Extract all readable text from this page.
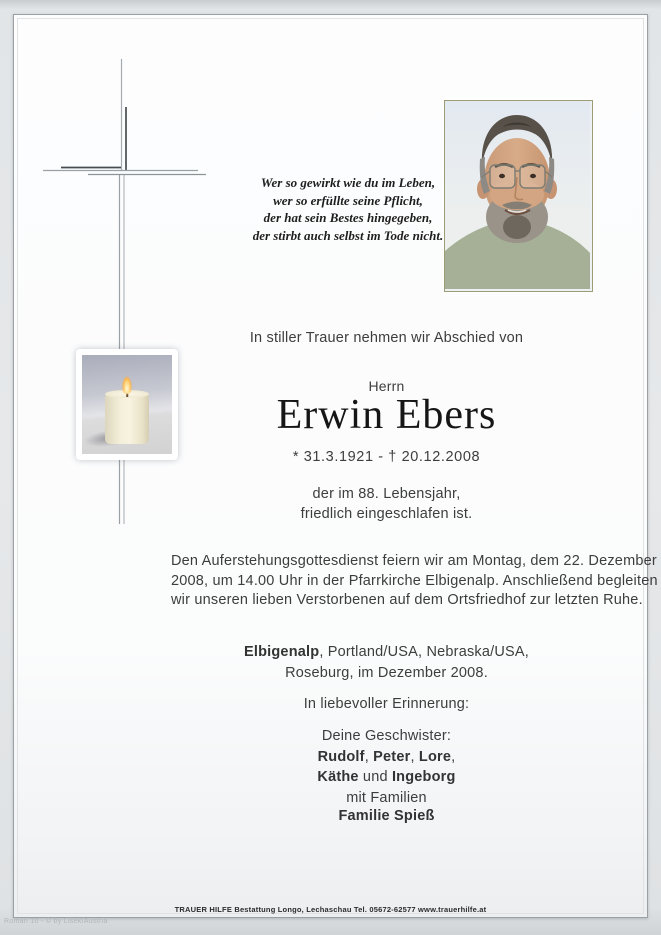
Wer so gewirkt wie du im Leben,
wer so erfüllte seine Pflicht,
der hat sein Bestes hingegeben,
der stirbt auch selbst im Tode nicht.
In stiller Trauer nehmen wir Abschied von
Herrn
Erwin Ebers
* 31.3.1921 - † 20.12.2008
der im 88. Lebensjahr,
friedlich eingeschlafen ist.
Den Auferstehungsgottesdienst feiern wir am Montag, dem 22. Dezember
2008, um 14.00 Uhr in der Pfarrkirche Elbigenalp. Anschließend begleiten
wir unseren lieben Verstorbenen auf dem Ortsfriedhof zur letzten Ruhe.
Elbigenalp, Portland/USA, Nebraska/USA,
Roseburg, im Dezember 2008.
In liebevoller Erinnerung:
Deine Geschwister:
Rudolf, Peter, Lore,
Käthe und Ingeborg
mit Familien
Familie Spieß
TRAUER HILFE Bestattung Longo, Lechaschau Tel. 05672-62577 www.trauerhilfe.at
Roman 10 - © by Lisek/Austria
